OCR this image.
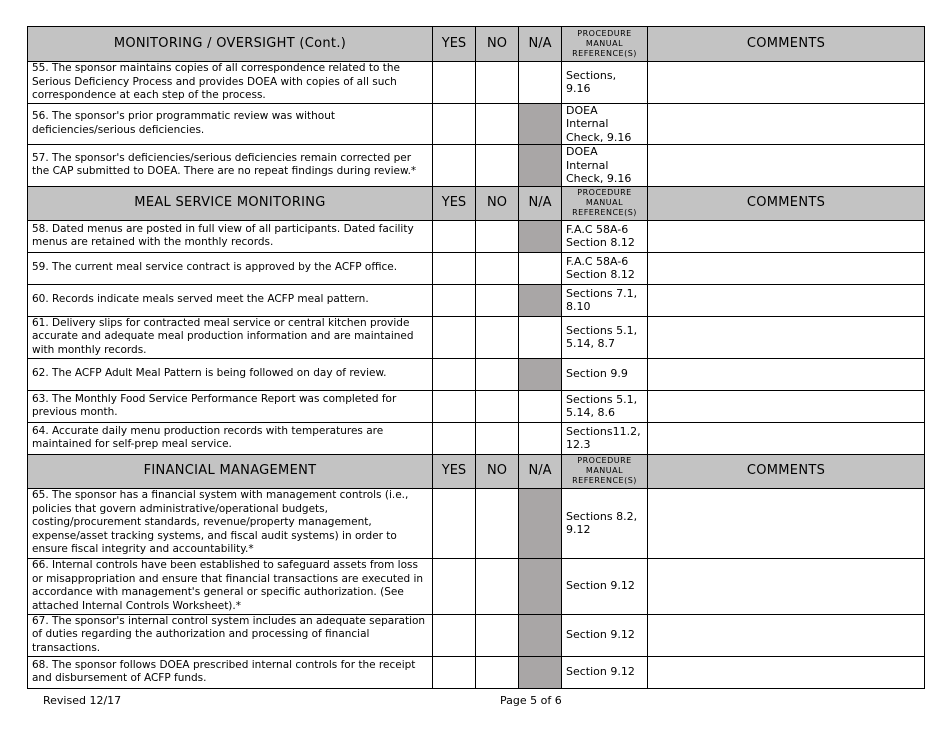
MONITORING / OVERSIGHT (Cont.)	YES	NO	N/A	PROCEDURE MANUAL REFERENCE(S)	COMMENTS
55. The sponsor maintains copies of all correspondence related to the Serious Deficiency Process and provides DOEA with copies of all such correspondence at each step of the process.				Sections, 9.16	
56. The sponsor's prior programmatic review was without deficiencies/serious deficiencies.				DOEA Internal Check, 9.16	
57. The sponsor's deficiencies/serious deficiencies remain corrected per the CAP submitted to DOEA. There are no repeat findings during review.*				DOEA Internal Check, 9.16	
MEAL SERVICE MONITORING	YES	NO	N/A	PROCEDURE MANUAL REFERENCE(S)	COMMENTS
58. Dated menus are posted in full view of all participants. Dated facility menus are retained with the monthly records.				F.A.C 58A-6 Section 8.12	
59. The current meal service contract is approved by the ACFP office.				F.A.C 58A-6 Section 8.12	
60. Records indicate meals served meet the ACFP meal pattern.				Sections 7.1, 8.10	
61. Delivery slips for contracted meal service or central kitchen provide accurate and adequate meal production information and are maintained with monthly records.				Sections 5.1, 5.14, 8.7	
62. The ACFP Adult Meal Pattern is being followed on day of review.				Section 9.9	
63. The Monthly Food Service Performance Report was completed for previous month.				Sections 5.1, 5.14, 8.6	
64. Accurate daily menu production records with temperatures are maintained for self-prep meal service.				Sections11.2, 12.3	
FINANCIAL MANAGEMENT	YES	NO	N/A	PROCEDURE MANUAL REFERENCE(S)	COMMENTS
65. The sponsor has a financial system with management controls (i.e., policies that govern administrative/operational budgets, costing/procurement standards, revenue/property management, expense/asset tracking systems, and fiscal audit systems) in order to ensure fiscal integrity and accountability.*				Sections 8.2, 9.12	
66. Internal controls have been established to safeguard assets from loss or misappropriation and ensure that financial transactions are executed in accordance with management's general or specific authorization. (See attached Internal Controls Worksheet).*				Section 9.12	
67. The sponsor's internal control system includes an adequate separation of duties regarding the authorization and processing of financial transactions.				Section 9.12	
68. The sponsor follows DOEA prescribed internal controls for the receipt and disbursement of ACFP funds.				Section 9.12	
Revised 12/17	Page 5 of 6
